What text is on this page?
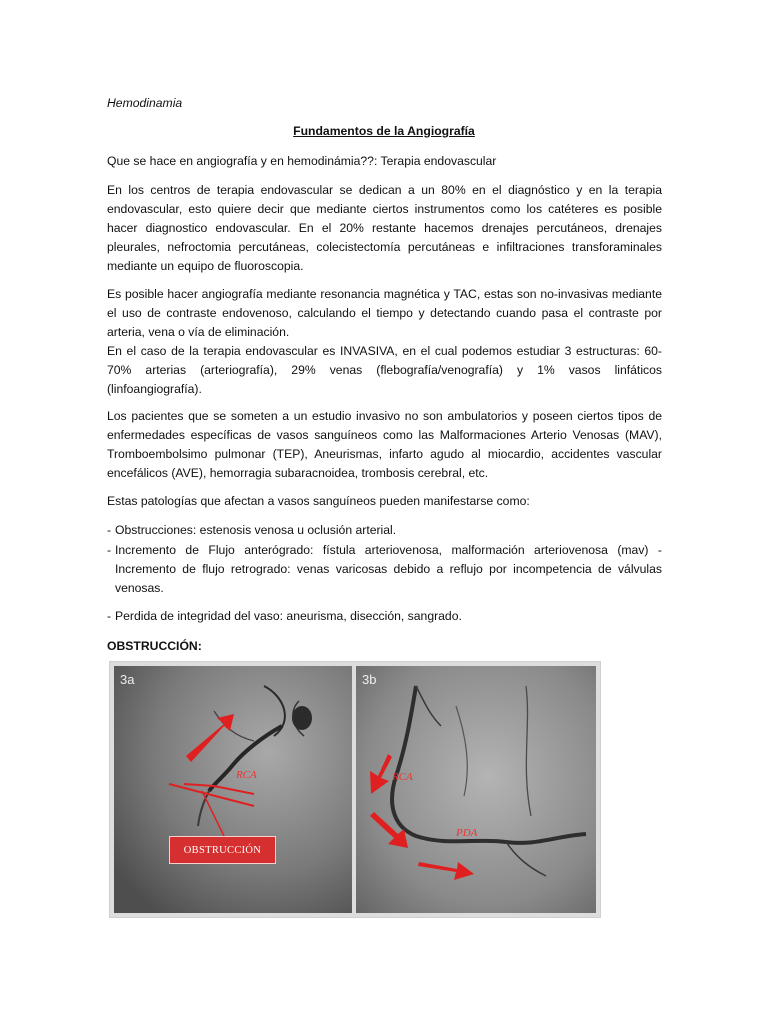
Hemodinamia
Fundamentos de la Angiografía
Que se hace en angiografía y en hemodinámia??: Terapia endovascular
En los centros de terapia endovascular se dedican a un 80% en el diagnóstico y en la terapia endovascular, esto quiere decir que mediante ciertos instrumentos como los catéteres es posible hacer diagnostico endovascular. En el 20% restante hacemos drenajes percutáneos, drenajes pleurales, nefroctomia percutáneas, colecistectomía percutáneas e infiltraciones transforaminales mediante un equipo de fluoroscopia.
Es posible hacer angiografía mediante resonancia magnética y TAC, estas son no-invasivas mediante el uso de contraste endovenoso, calculando el tiempo y detectando cuando pasa el contraste por arteria, vena o vía de eliminación.
En el caso de la terapia endovascular es INVASIVA, en el cual podemos estudiar 3 estructuras: 60-70% arterias (arteriografía), 29% venas (flebografía/venografía) y 1% vasos linfáticos (linfoangiografía).
Los pacientes que se someten a un estudio invasivo no son ambulatorios y poseen ciertos tipos de enfermedades específicas de vasos sanguíneos como las Malformaciones Arterio Venosas (MAV), Tromboembolsimo pulmonar (TEP), Aneurismas, infarto agudo al miocardio, accidentes vascular encefálicos (AVE), hemorragia subaracnoidea, trombosis cerebral, etc.
Estas patologías que afectan a vasos sanguíneos pueden manifestarse como:
- Obstrucciones: estenosis venosa u oclusión arterial.
- Incremento de Flujo anterógrado: fístula arteriovenosa, malformación arteriovenosa (mav) - Incremento de flujo retrogrado: venas varicosas debido a reflujo por incompetencia de válvulas venosas.
- Perdida de integridad del vaso: aneurisma, disección, sangrado.
OBSTRUCCIÓN:
3a
RCA
OBSTRUCCIÓN
3b
RCA
PDA
